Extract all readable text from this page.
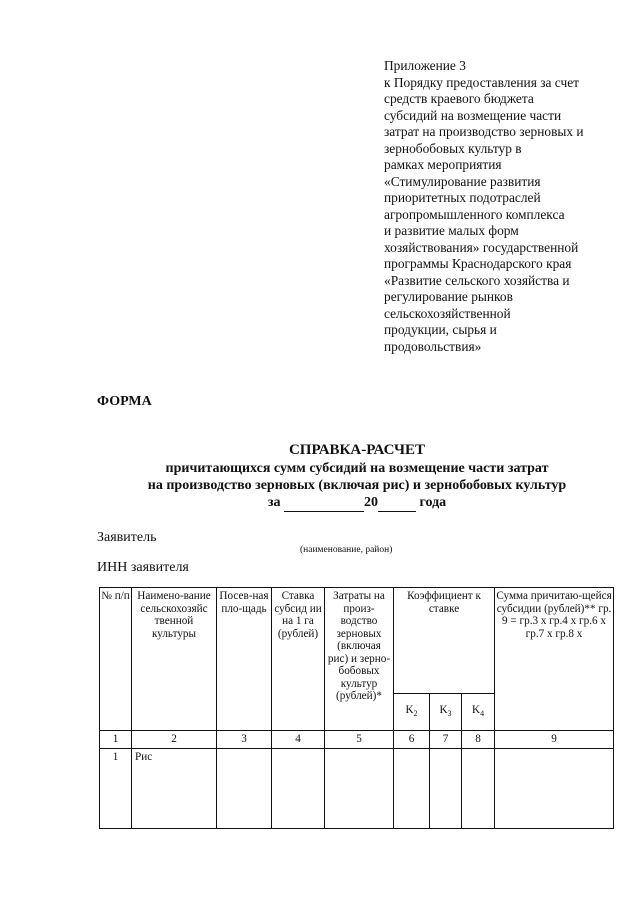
Приложение 3
к Порядку предоставления за счет
средств краевого бюджета
субсидий на возмещение части
затрат на производство зерновых и
зернобобовых культур в
рамках мероприятия
«Стимулирование развития
приоритетных подотраслей
агропромышленного комплекса
и развитие малых форм
хозяйствования» государственной
программы Краснодарского края
«Развитие сельского хозяйства и
регулирование рынков
сельскохозяйственной
продукции, сырья и
продовольствия»
ФОРМА
СПРАВКА-РАСЧЕТ
причитающихся сумм субсидий на возмещение части затрат
на производство зерновых (включая рис) и зернобобовых культур
за	20	года
Заявитель
(наименование, район)
ИНН заявителя
№ п/п	Наимено-вание сельскохозяйс твенной культуры	Посев-ная пло-щадь	Ставка субсид ии на 1 га (рублей)	Затраты на произ-водство зерновых (включая рис) и зерно-бобовых культур (рублей)*	Коэффициент к ставке			Сумма причитаю-щейся субсидии (рублей)** гр. 9 = гр.3 х гр.4 х гр.6 х гр.7 х гр.8 х
					$K_2$	$K_3$	$K_4$
1	2	3	4	5	6	7	8	9
1	Рис							
